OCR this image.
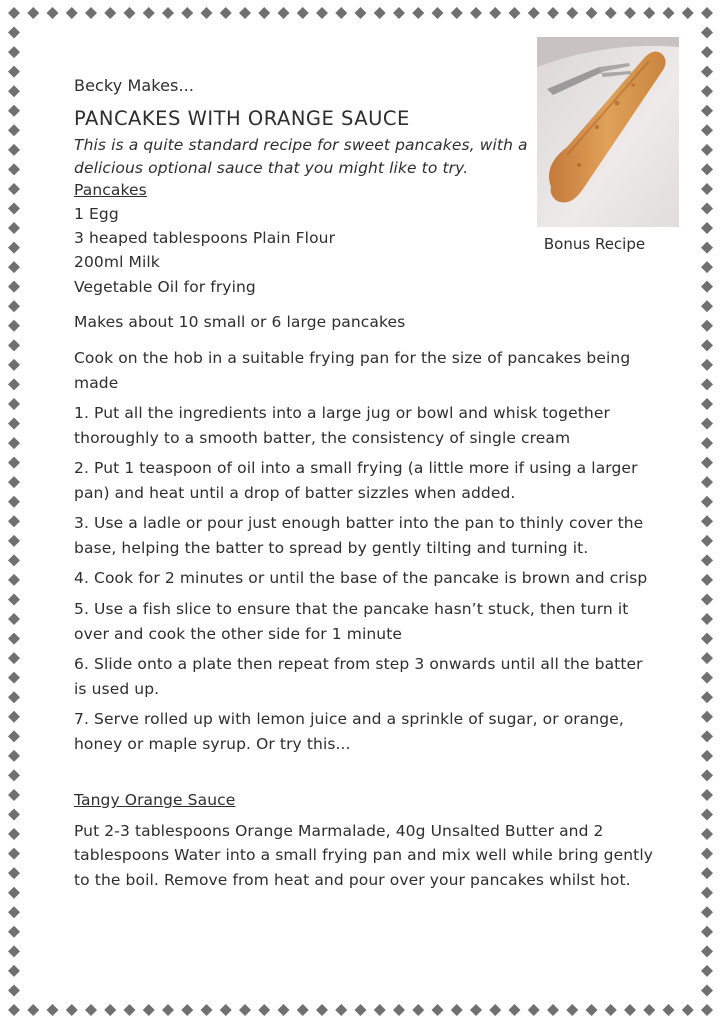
Bonus Recipe
Becky Makes...
PANCAKES WITH ORANGE SAUCE

This is a quite standard recipe for sweet pancakes, with a delicious optional sauce that you might like to try.

Pancakes
1 Egg
3 heaped tablespoons Plain Flour
200ml Milk
Vegetable Oil for frying

Makes about 10 small or 6 large pancakes

Cook on the hob in a suitable frying pan for the size of pancakes being made

1. Put all the ingredients into a large jug or bowl and whisk together thoroughly to a smooth batter, the consistency of single cream
2. Put 1 teaspoon of oil into a small frying (a little more if using a larger pan) and heat until a drop of batter sizzles when added.
3. Use a ladle or pour just enough batter into the pan to thinly cover the base, helping the batter to spread by gently tilting and turning it.
4. Cook for 2 minutes or until the base of the pancake is brown and crisp
5. Use a fish slice to ensure that the pancake hasn’t stuck, then turn it over and cook the other side for 1 minute
6. Slide onto a plate then repeat from step 3 onwards until all the batter is used up.
7. Serve rolled up with lemon juice and a sprinkle of sugar, or orange, honey or maple syrup. Or try this...
Tangy Orange Sauce

Put 2-3 tablespoons Orange Marmalade, 40g Unsalted Butter and 2 tablespoons Water into a small frying pan and mix well while bring gently to the boil. Remove from heat and pour over your pancakes whilst hot.
